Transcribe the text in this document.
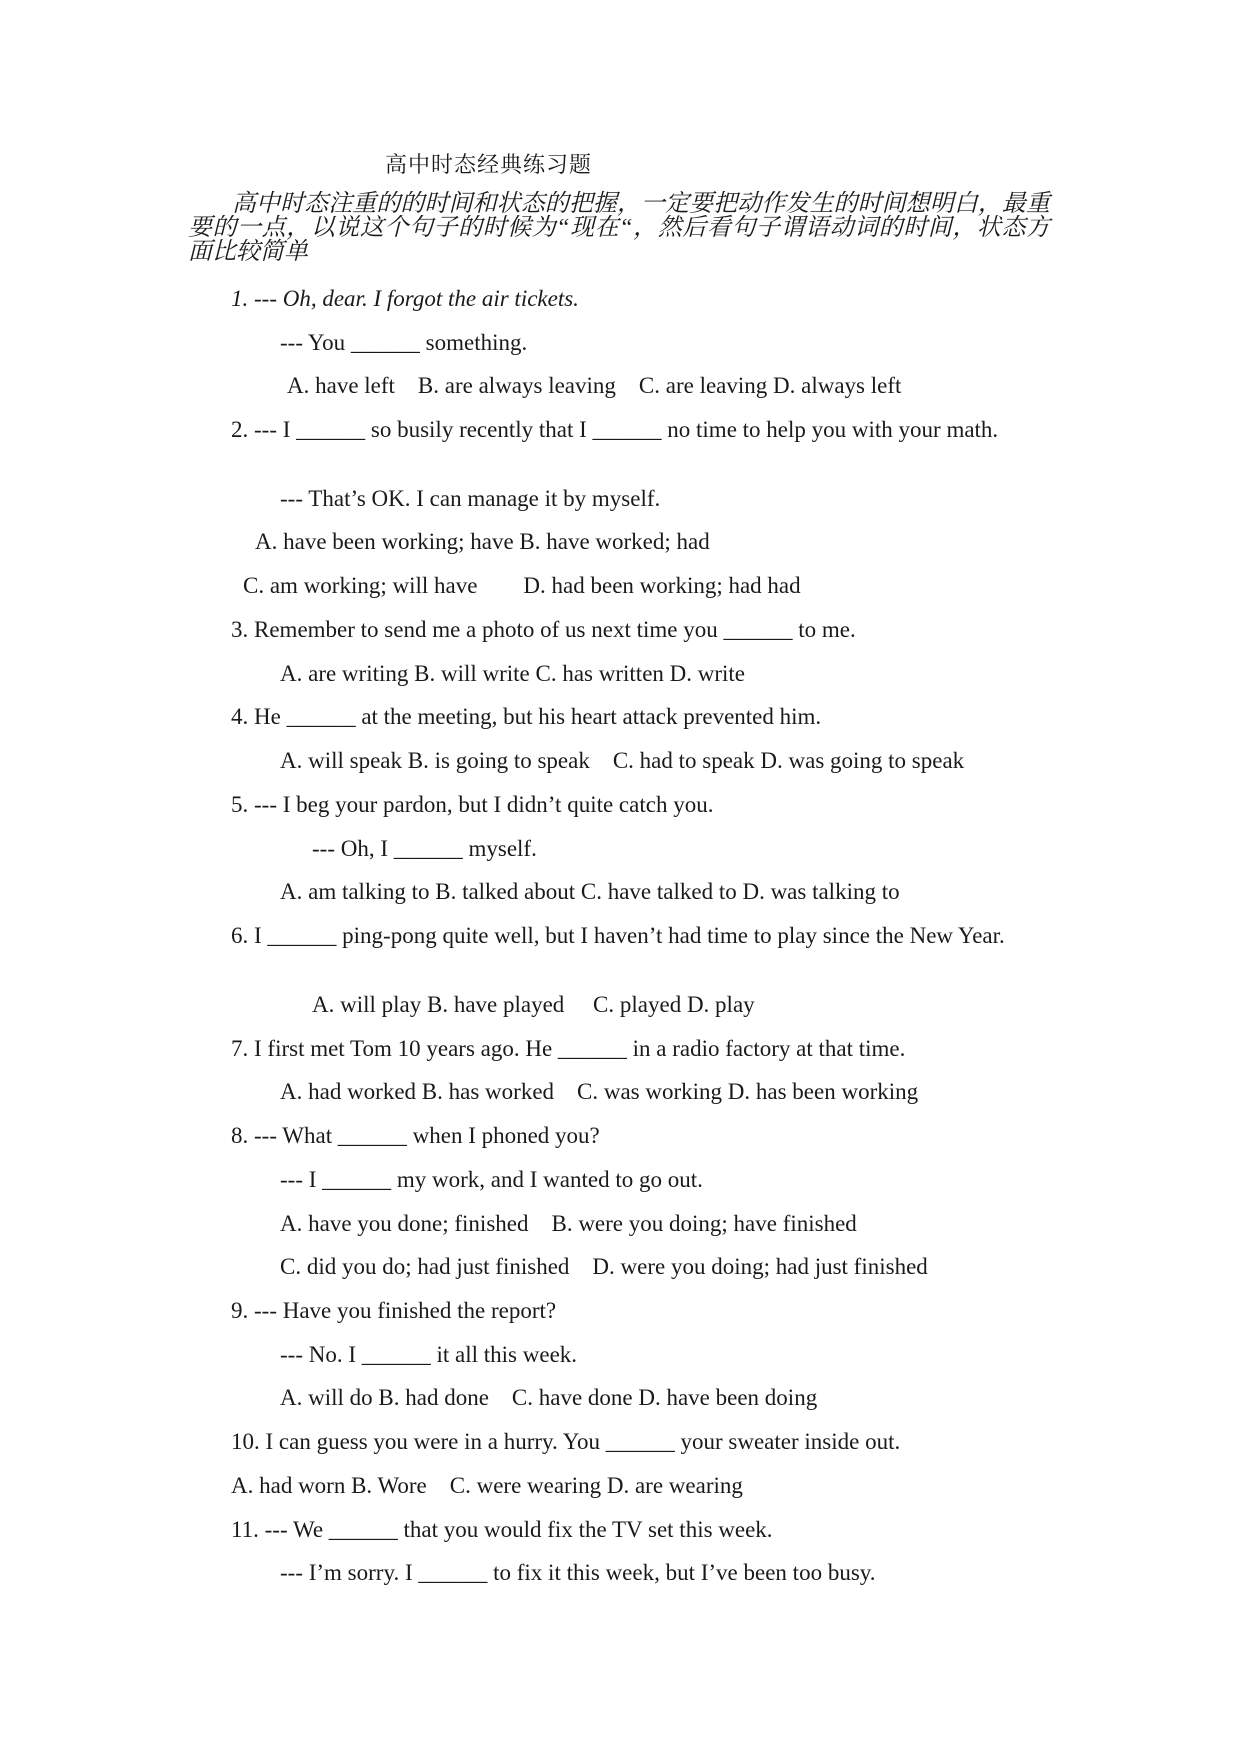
高中时态经典练习题
高中时态注重的的时间和状态的把握，一定要把动作发生的时间想明白，最重要的一点，以说这个句子的时候为“现在“，然后看句子谓语动词的时间，状态方面比较简单
1. --- Oh, dear. I forgot the air tickets.
--- You ______ something.
A. have left    B. are always leaving    C. are leaving D. always left
2. --- I ______ so busily recently that I ______ no time to help you with your math.
--- That’s OK. I can manage it by myself.
A. have been working; have B. have worked; had
C. am working; will have        D. had been working; had had
3. Remember to send me a photo of us next time you ______ to me.
A. are writing B. will write C. has written D. write
4. He ______ at the meeting, but his heart attack prevented him.
A. will speak B. is going to speak    C. had to speak D. was going to speak
5. --- I beg your pardon, but I didn’t quite catch you.
--- Oh, I ______ myself.
A. am talking to B. talked about C. have talked to D. was talking to
6. I ______ ping-pong quite well, but I haven’t had time to play since the New Year.
A. will play B. have played     C. played D. play
7. I first met Tom 10 years ago. He ______ in a radio factory at that time.
A. had worked B. has worked    C. was working D. has been working
8. --- What ______ when I phoned you?
--- I ______ my work, and I wanted to go out.
A. have you done; finished    B. were you doing; have finished
C. did you do; had just finished    D. were you doing; had just finished
9. --- Have you finished the report?
--- No. I ______ it all this week.
A. will do B. had done    C. have done D. have been doing
10. I can guess you were in a hurry. You ______ your sweater inside out.
A. had worn B. Wore    C. were wearing D. are wearing
11. --- We ______ that you would fix the TV set this week.
--- I’m sorry. I ______ to fix it this week, but I’ve been too busy.
